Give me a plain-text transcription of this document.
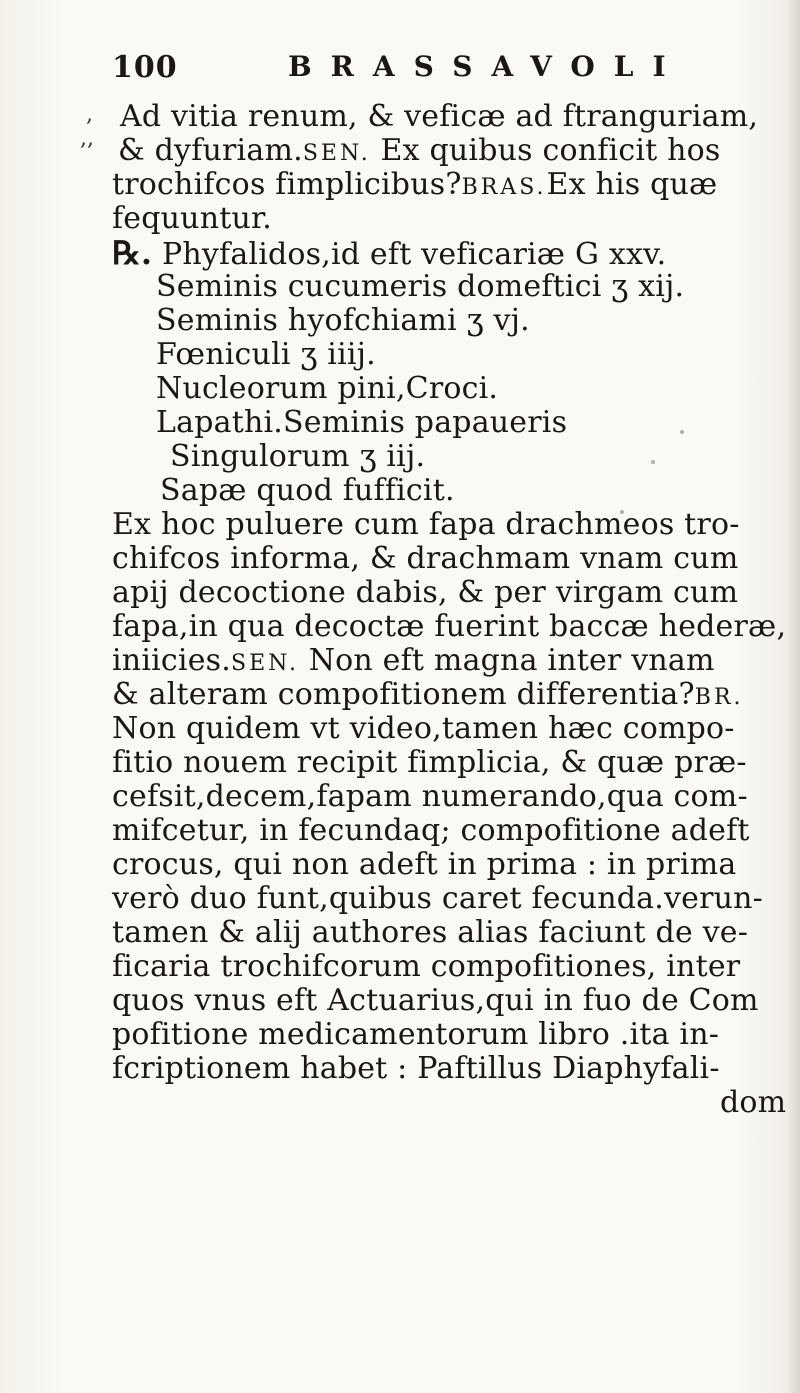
100	BRASSAVOLI
,
,,
Ad vitia renum, & veficæ ad ftranguriam,
& dyfuriam.SEN. Ex quibus conficit hos
trochifcos fimplicibus?BRAS.Ex his quæ
fequuntur.
℞. Phyfalidos,id eft veficariæ G xxv.
Seminis cucumeris domeftici ʒ xij.
Seminis hyofchiami ʒ vj.
Fœniculi ʒ iiij.
Nucleorum pini,Croci.
Lapathi.Seminis papaueris
Singulorum ʒ iij.
Sapæ quod fufficit.
Ex hoc puluere cum fapa drachmeos tro-
chifcos informa, & drachmam vnam cum
apij decoctione dabis, & per virgam cum
fapa,in qua decoctæ fuerint baccæ hederæ,
iniicies.SEN. Non eft magna inter vnam
& alteram compofitionem differentia?BR.
Non quidem vt video,tamen hæc compo-
fitio nouem recipit fimplicia, & quæ præ-
cefsit,decem,fapam numerando,qua com-
mifcetur, in fecundaq; compofitione adeft
crocus, qui non adeft in prima : in prima
verò duo funt,quibus caret fecunda.verun-
tamen & alij authores alias faciunt de ve-
ficaria trochifcorum compofitiones, inter
quos vnus eft Actuarius,qui in fuo de Com
pofitione medicamentorum libro .ita in-
fcriptionem habet : Paftillus Diaphyfali-
dom
